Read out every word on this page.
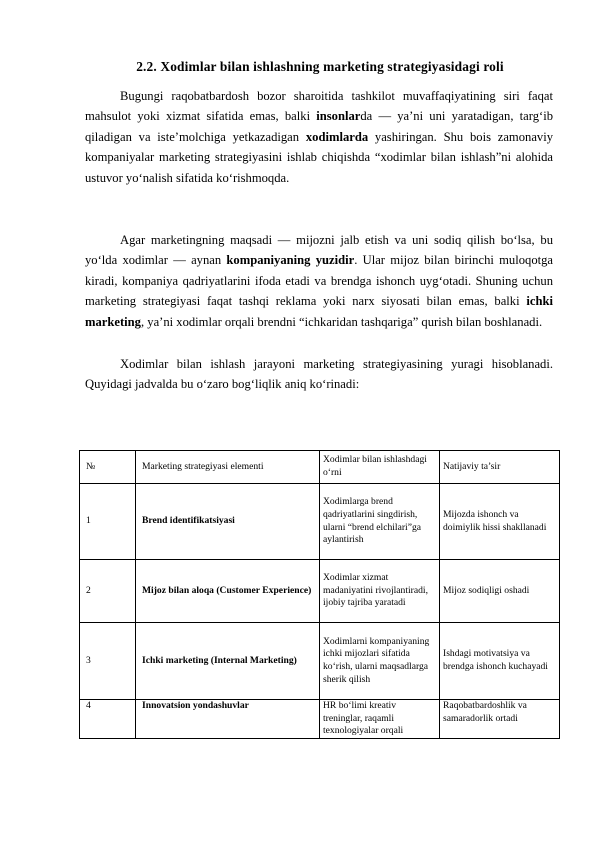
2.2. Xodimlar bilan ishlashning marketing strategiyasidagi roli
Bugungi raqobatbardosh bozor sharoitida tashkilot muvaffaqiyatining siri faqat mahsulot yoki xizmat sifatida emas, balki insonlarda — ya’ni uni yaratadigan, targ‘ib qiladigan va iste’molchiga yetkazadigan xodimlarda yashiringan. Shu bois zamonaviy kompaniyalar marketing strategiyasini ishlab chiqishda “xodimlar bilan ishlash”ni alohida ustuvor yo‘nalish sifatida ko‘rishmoqda.
Agar marketingning maqsadi — mijozni jalb etish va uni sodiq qilish bo‘lsa, bu yo‘lda xodimlar — aynan kompaniyaning yuzidir. Ular mijoz bilan birinchi muloqotga kiradi, kompaniya qadriyatlarini ifoda etadi va brendga ishonch uyg‘otadi. Shuning uchun marketing strategiyasi faqat tashqi reklama yoki narx siyosati bilan emas, balki ichki marketing, ya’ni xodimlar orqali brendni “ichkaridan tashqariga” qurish bilan boshlanadi.
Xodimlar bilan ishlash jarayoni marketing strategiyasining yuragi hisoblanadi. Quyidagi jadvalda bu o‘zaro bog‘liqlik aniq ko‘rinadi:
№	Marketing strategiyasi elementi	Xodimlar bilan ishlashdagi o‘rni	Natijaviy ta’sir
1	Brend identifikatsiyasi	Xodimlarga brend qadriyatlarini singdirish, ularni “brend elchilari”ga aylantirish	Mijozda ishonch va doimiylik hissi shakllanadi
2	Mijoz bilan aloqa (Customer Experience)	Xodimlar xizmat madaniyatini rivojlantiradi, ijobiy tajriba yaratadi	Mijoz sodiqligi oshadi
3	Ichki marketing (Internal Marketing)	Xodimlarni kompaniyaning ichki mijozlari sifatida ko‘rish, ularni maqsadlarga sherik qilish	Ishdagi motivatsiya va brendga ishonch kuchayadi
4	Innovatsion yondashuvlar	HR bo‘limi kreativ treninglar, raqamli texnologiyalar orqali	Raqobatbardoshlik va samaradorlik ortadi
